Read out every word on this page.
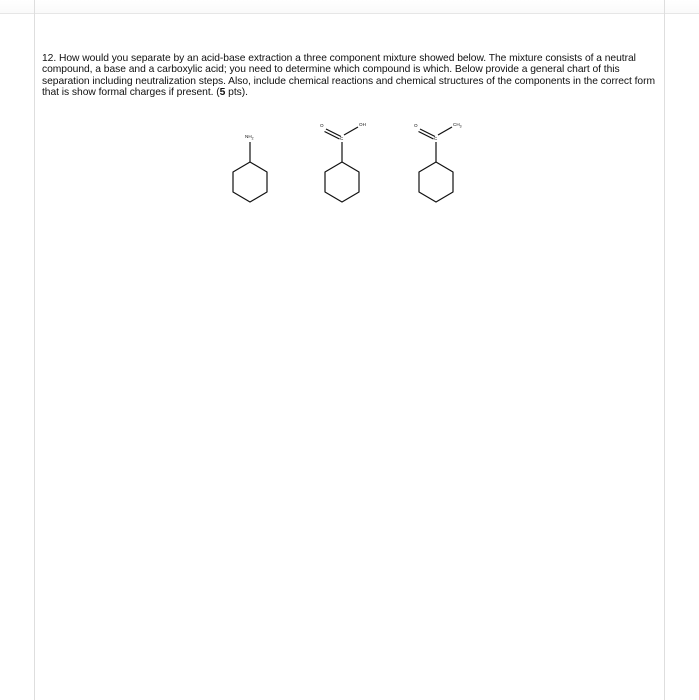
12. How would you separate by an acid-base extraction a three component mixture showed below. The mixture consists of a neutral compound, a base and a carboxylic acid; you need to determine which compound is which. Below provide a general chart of this separation including neutralization steps. Also, include chemical reactions and chemical structures of the components in the correct form that is show formal charges if present. (5 pts).

$NH_2$
O
C
OH	O
C
$CH_3$
